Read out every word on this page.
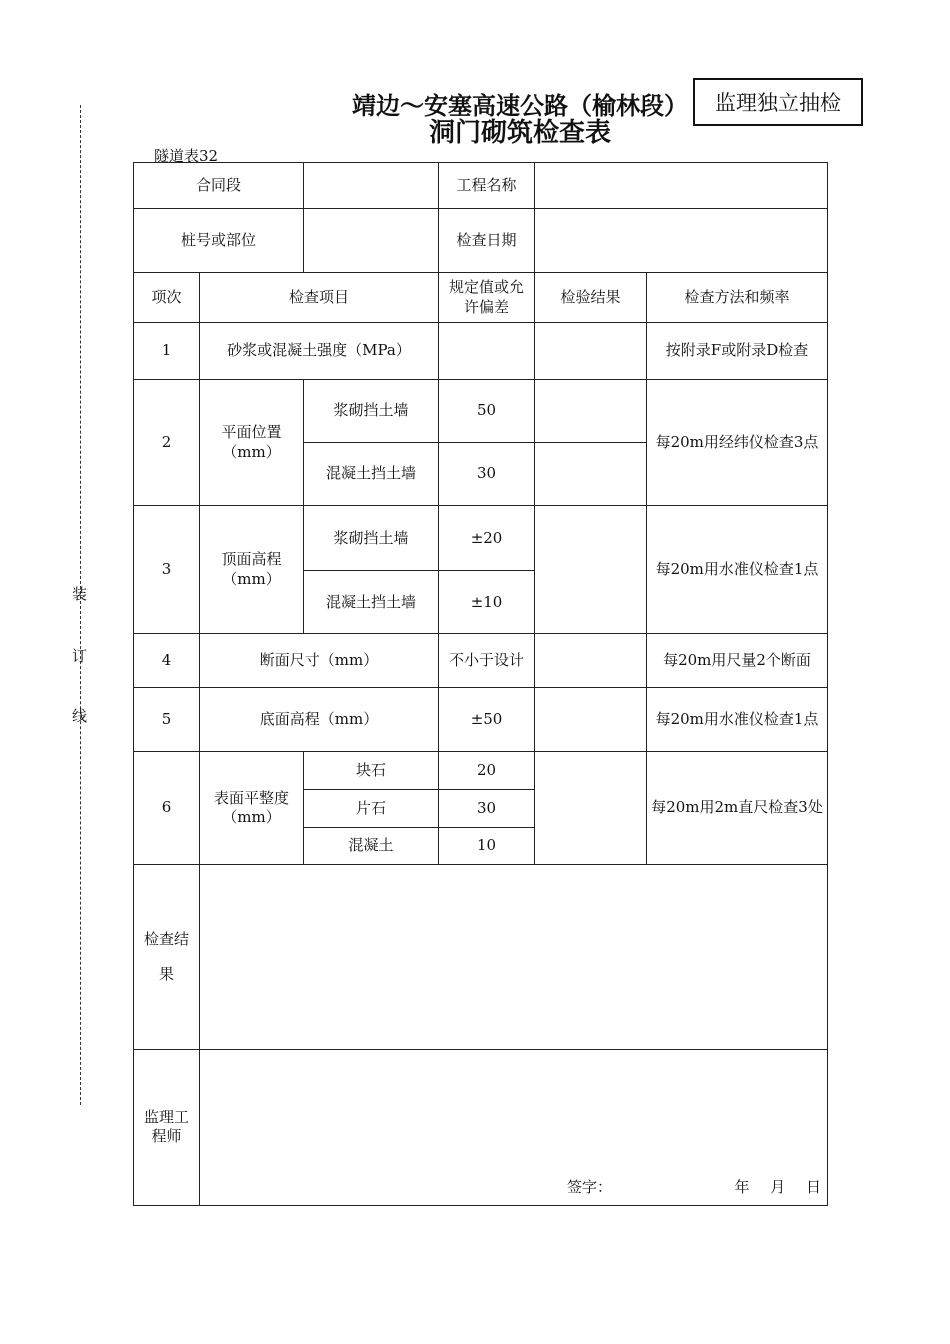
靖边～安塞高速公路（榆林段）
洞门砌筑检查表
监理独立抽检
隧道表32
装
订
线
合同段			工程名称		
桩号或部位			检查日期		
项次	检查项目		规定值或允许偏差	检验结果	检查方法和频率
1	砂浆或混凝土强度（MPa）				按附录F或附录D检查
2	平面位置（mm）	浆砌挡土墙	50		每20m用经纬仪检查3点
		混凝土挡土墙	30		
3	顶面高程（mm）	浆砌挡土墙	±20		每20m用水准仪检查1点
		混凝土挡土墙	±10		
4	断面尺寸（mm）		不小于设计		每20m用尺量2个断面
5	底面高程（mm）		±50		每20m用水准仪检查1点
6	表面平整度（mm）	块石	20		每20m用2m直尺检查3处
		片石	30		
		混凝土	10		
检查结果					
监理工程师	签字： 年 月 日				
